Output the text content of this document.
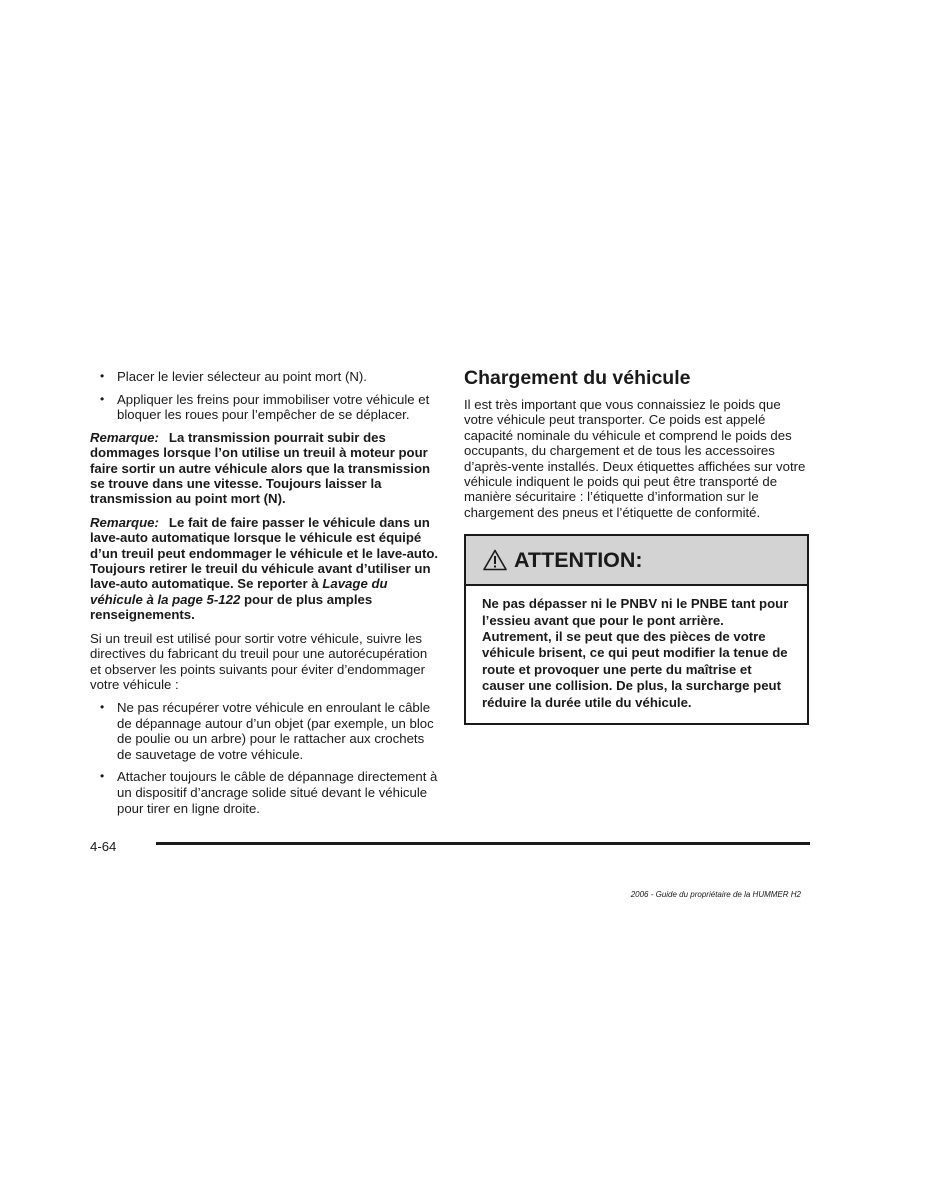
• Placer le levier sélecteur au point mort (N).
• Appliquer les freins pour immobiliser votre véhicule et bloquer les roues pour l’empêcher de se déplacer.

Remarque: La transmission pourrait subir des dommages lorsque l’on utilise un treuil à moteur pour faire sortir un autre véhicule alors que la transmission se trouve dans une vitesse. Toujours laisser la transmission au point mort (N).

Remarque: Le fait de faire passer le véhicule dans un lave-auto automatique lorsque le véhicule est équipé d’un treuil peut endommager le véhicule et le lave-auto. Toujours retirer le treuil du véhicule avant d’utiliser un lave-auto automatique. Se reporter à Lavage du véhicule à la page 5-122 pour de plus amples renseignements.

Si un treuil est utilisé pour sortir votre véhicule, suivre les directives du fabricant du treuil pour une autorécupération et observer les points suivants pour éviter d’endommager votre véhicule :

• Ne pas récupérer votre véhicule en enroulant le câble de dépannage autour d’un objet (par exemple, un bloc de poulie ou un arbre) pour le rattacher aux crochets de sauvetage de votre véhicule.
• Attacher toujours le câble de dépannage directement à un dispositif d’ancrage solide situé devant le véhicule pour tirer en ligne droite.
Chargement du véhicule

Il est très important que vous connaissiez le poids que votre véhicule peut transporter. Ce poids est appelé capacité nominale du véhicule et comprend le poids des occupants, du chargement et de tous les accessoires d’après-vente installés. Deux étiquettes affichées sur votre véhicule indiquent le poids qui peut être transporté de manière sécuritaire : l’étiquette d’information sur le chargement des pneus et l’étiquette de conformité.

ATTENTION:
Ne pas dépasser ni le PNBV ni le PNBE tant pour l’essieu avant que pour le pont arrière. Autrement, il se peut que des pièces de votre véhicule brisent, ce qui peut modifier la tenue de route et provoquer une perte du maîtrise et causer une collision. De plus, la surcharge peut réduire la durée utile du véhicule.
4-64
2006 - Guide du propriétaire de la HUMMER H2
